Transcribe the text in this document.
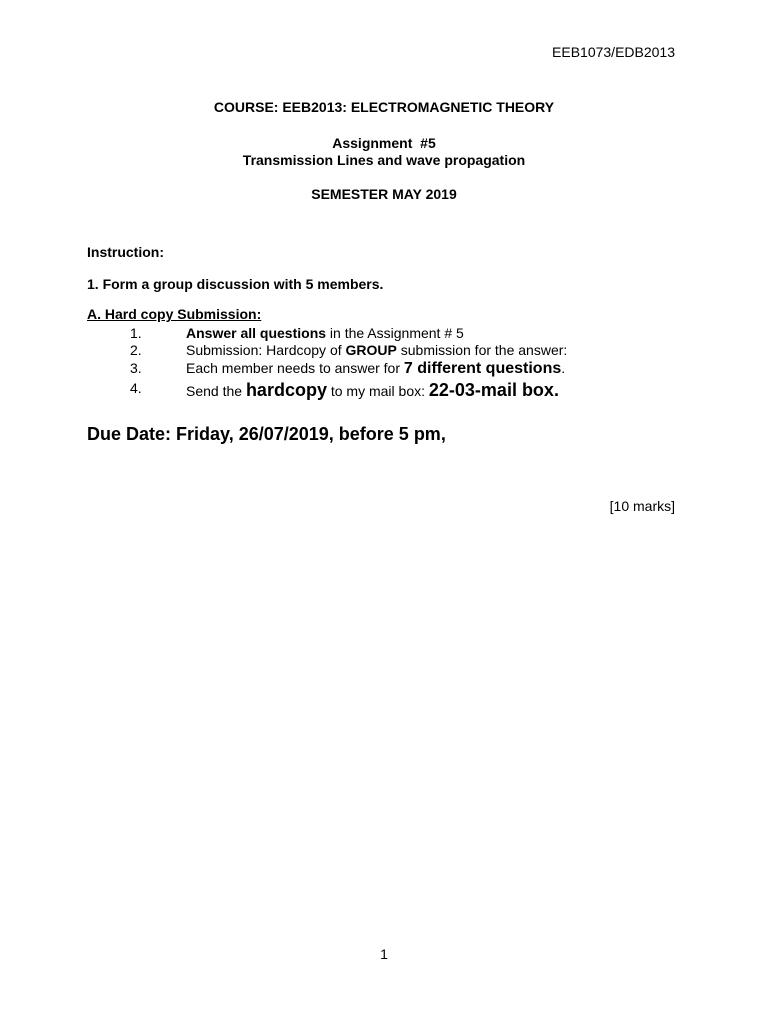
EEB1073/EDB2013
COURSE: EEB2013: ELECTROMAGNETIC THEORY
Assignment  #5
Transmission Lines and wave propagation
SEMESTER MAY 2019
Instruction:
1. Form a group discussion with 5 members.
A. Hard copy Submission:
1.	Answer all questions in the Assignment # 5
2.	Submission: Hardcopy of GROUP submission for the answer:
3.	Each member needs to answer for 7 different questions.
4.	Send the hardcopy to my mail box: 22-03-mail box.
Due Date: Friday, 26/07/2019, before 5 pm,
[10 marks]
1
